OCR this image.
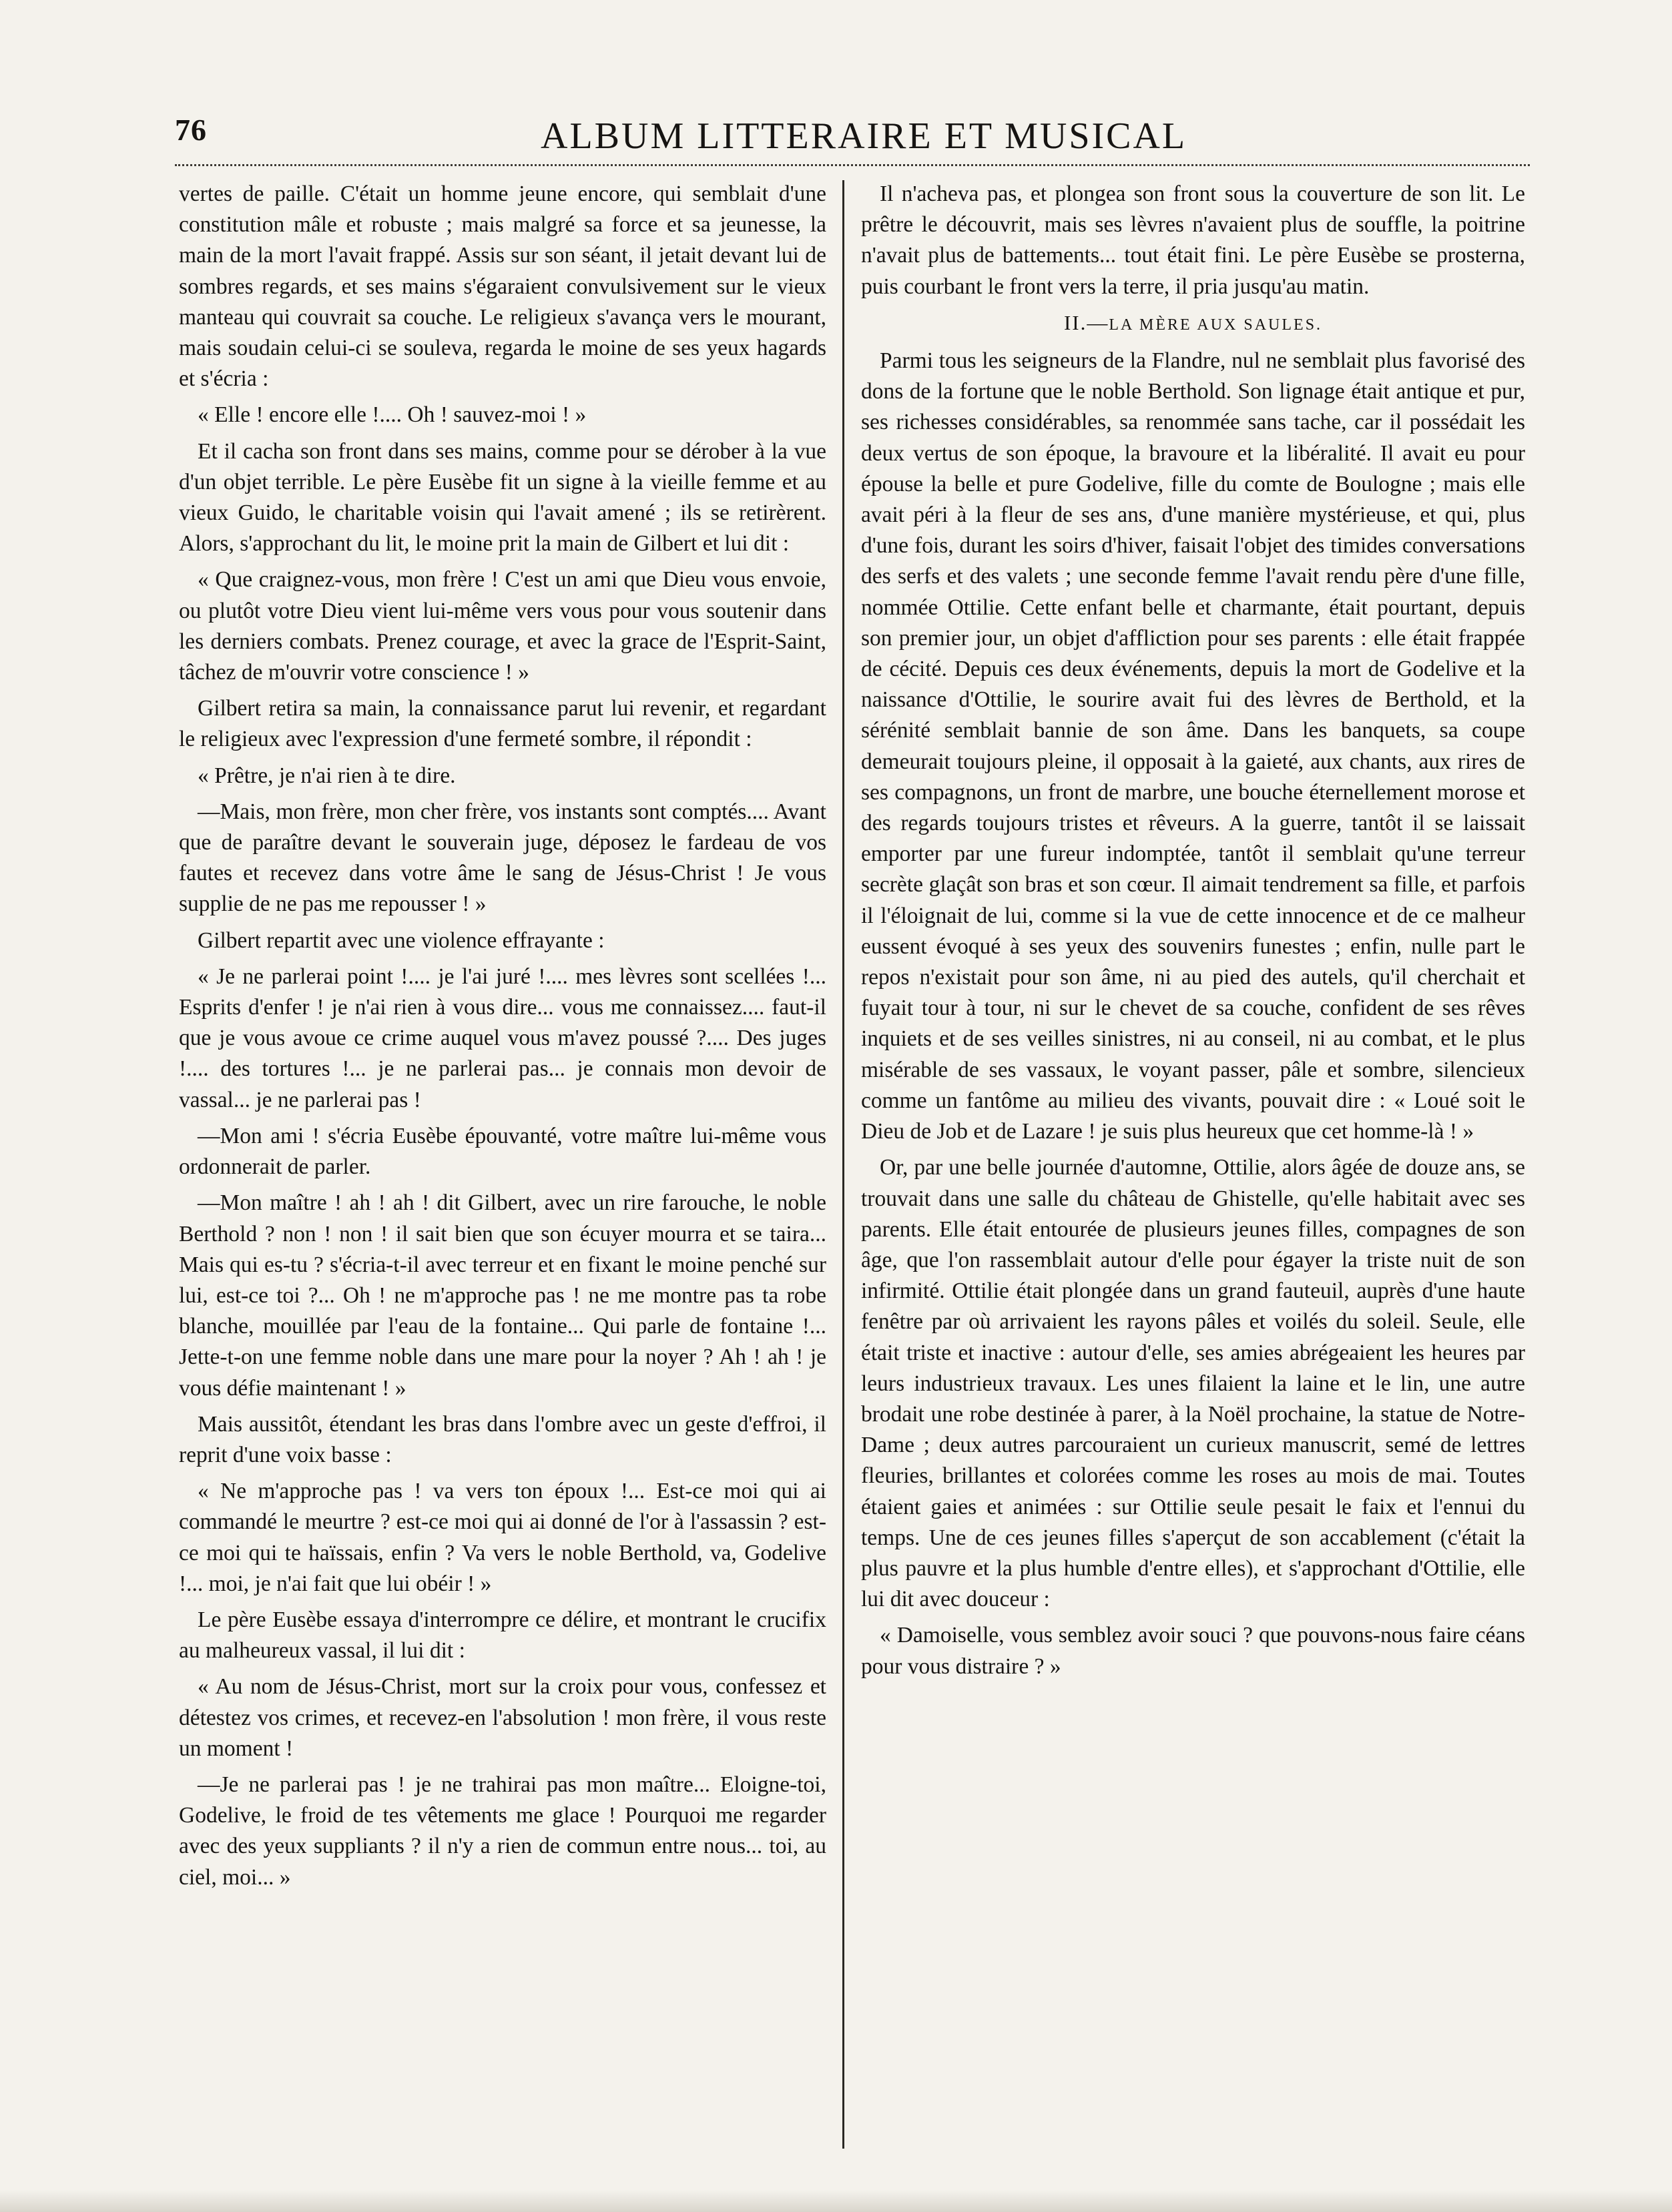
76	ALBUM LITTERAIRE ET MUSICAL

vertes de paille. C'était un homme jeune encore, qui semblait d'une constitution mâle et robuste ; mais malgré sa force et sa jeunesse, la main de la mort l'avait frappé. Assis sur son séant, il jetait devant lui de sombres regards, et ses mains s'égaraient convulsivement sur le vieux manteau qui couvrait sa couche. Le religieux s'avança vers le mourant, mais soudain celui-ci se souleva, regarda le moine de ses yeux hagards et s'écria :

« Elle ! encore elle !.... Oh ! sauvez-moi ! »

Et il cacha son front dans ses mains, comme pour se dérober à la vue d'un objet terrible. Le père Eusèbe fit un signe à la vieille femme et au vieux Guido, le charitable voisin qui l'avait amené ; ils se retirèrent. Alors, s'approchant du lit, le moine prit la main de Gilbert et lui dit :

« Que craignez-vous, mon frère ! C'est un ami que Dieu vous envoie, ou plutôt votre Dieu vient lui-même vers vous pour vous soutenir dans les derniers combats. Prenez courage, et avec la grace de l'Esprit-Saint, tâchez de m'ouvrir votre conscience ! »

Gilbert retira sa main, la connaissance parut lui revenir, et regardant le religieux avec l'expression d'une fermeté sombre, il répondit :

« Prêtre, je n'ai rien à te dire.

—Mais, mon frère, mon cher frère, vos instants sont comptés.... Avant que de paraître devant le souverain juge, déposez le fardeau de vos fautes et recevez dans votre âme le sang de Jésus-Christ ! Je vous supplie de ne pas me repousser ! »

Gilbert repartit avec une violence effrayante :

« Je ne parlerai point !.... je l'ai juré !.... mes lèvres sont scellées !... Esprits d'enfer ! je n'ai rien à vous dire... vous me connaissez.... faut-il que je vous avoue ce crime auquel vous m'avez poussé ?.... Des juges !.... des tortures !... je ne parlerai pas... je connais mon devoir de vassal... je ne parlerai pas !

—Mon ami ! s'écria Eusèbe épouvanté, votre maître lui-même vous ordonnerait de parler.

—Mon maître ! ah ! ah ! dit Gilbert, avec un rire farouche, le noble Berthold ? non ! non ! il sait bien que son écuyer mourra et se taira... Mais qui es-tu ? s'écria-t-il avec terreur et en fixant le moine penché sur lui, est-ce toi ?... Oh ! ne m'approche pas ! ne me montre pas ta robe blanche, mouillée par l'eau de la fontaine... Qui parle de fontaine !... Jette-t-on une femme noble dans une mare pour la noyer ? Ah ! ah ! je vous défie maintenant ! »

Mais aussitôt, étendant les bras dans l'ombre avec un geste d'effroi, il reprit d'une voix basse :

« Ne m'approche pas ! va vers ton époux !... Est-ce moi qui ai commandé le meurtre ? est-ce moi qui ai donné de l'or à l'assassin ? est-ce moi qui te haïssais, enfin ? Va vers le noble Berthold, va, Godelive !... moi, je n'ai fait que lui obéir ! »

Le père Eusèbe essaya d'interrompre ce délire, et montrant le crucifix au malheureux vassal, il lui dit :

« Au nom de Jésus-Christ, mort sur la croix pour vous, confessez et détestez vos crimes, et recevez-en l'absolution ! mon frère, il vous reste un moment !

—Je ne parlerai pas ! je ne trahirai pas mon maître... Eloigne-toi, Godelive, le froid de tes vêtements me glace ! Pourquoi me regarder avec des yeux suppliants ? il n'y a rien de commun entre nous... toi, au ciel, moi... »

Il n'acheva pas, et plongea son front sous la couverture de son lit. Le prêtre le découvrit, mais ses lèvres n'avaient plus de souffle, la poitrine n'avait plus de battements... tout était fini. Le père Eusèbe se prosterna, puis courbant le front vers la terre, il pria jusqu'au matin.

II.—LA MÈRE AUX SAULES.

Parmi tous les seigneurs de la Flandre, nul ne semblait plus favorisé des dons de la fortune que le noble Berthold. Son lignage était antique et pur, ses richesses considérables, sa renommée sans tache, car il possédait les deux vertus de son époque, la bravoure et la libéralité. Il avait eu pour épouse la belle et pure Godelive, fille du comte de Boulogne ; mais elle avait péri à la fleur de ses ans, d'une manière mystérieuse, et qui, plus d'une fois, durant les soirs d'hiver, faisait l'objet des timides conversations des serfs et des valets ; une seconde femme l'avait rendu père d'une fille, nommée Ottilie. Cette enfant belle et charmante, était pourtant, depuis son premier jour, un objet d'affliction pour ses parents : elle était frappée de cécité. Depuis ces deux événements, depuis la mort de Godelive et la naissance d'Ottilie, le sourire avait fui des lèvres de Berthold, et la sérénité semblait bannie de son âme. Dans les banquets, sa coupe demeurait toujours pleine, il opposait à la gaieté, aux chants, aux rires de ses compagnons, un front de marbre, une bouche éternellement morose et des regards toujours tristes et rêveurs. A la guerre, tantôt il se laissait emporter par une fureur indomptée, tantôt il semblait qu'une terreur secrète glaçât son bras et son cœur. Il aimait tendrement sa fille, et parfois il l'éloignait de lui, comme si la vue de cette innocence et de ce malheur eussent évoqué à ses yeux des souvenirs funestes ; enfin, nulle part le repos n'existait pour son âme, ni au pied des autels, qu'il cherchait et fuyait tour à tour, ni sur le chevet de sa couche, confident de ses rêves inquiets et de ses veilles sinistres, ni au conseil, ni au combat, et le plus misérable de ses vassaux, le voyant passer, pâle et sombre, silencieux comme un fantôme au milieu des vivants, pouvait dire : « Loué soit le Dieu de Job et de Lazare ! je suis plus heureux que cet homme-là ! »

Or, par une belle journée d'automne, Ottilie, alors âgée de douze ans, se trouvait dans une salle du château de Ghistelle, qu'elle habitait avec ses parents. Elle était entourée de plusieurs jeunes filles, compagnes de son âge, que l'on rassemblait autour d'elle pour égayer la triste nuit de son infirmité. Ottilie était plongée dans un grand fauteuil, auprès d'une haute fenêtre par où arrivaient les rayons pâles et voilés du soleil. Seule, elle était triste et inactive : autour d'elle, ses amies abrégeaient les heures par leurs industrieux travaux. Les unes filaient la laine et le lin, une autre brodait une robe destinée à parer, à la Noël prochaine, la statue de Notre-Dame ; deux autres parcouraient un curieux manuscrit, semé de lettres fleuries, brillantes et colorées comme les roses au mois de mai. Toutes étaient gaies et animées : sur Ottilie seule pesait le faix et l'ennui du temps. Une de ces jeunes filles s'aperçut de son accablement (c'était la plus pauvre et la plus humble d'entre elles), et s'approchant d'Ottilie, elle lui dit avec douceur :

« Damoiselle, vous semblez avoir souci ? que pouvons-nous faire céans pour vous distraire ? »
